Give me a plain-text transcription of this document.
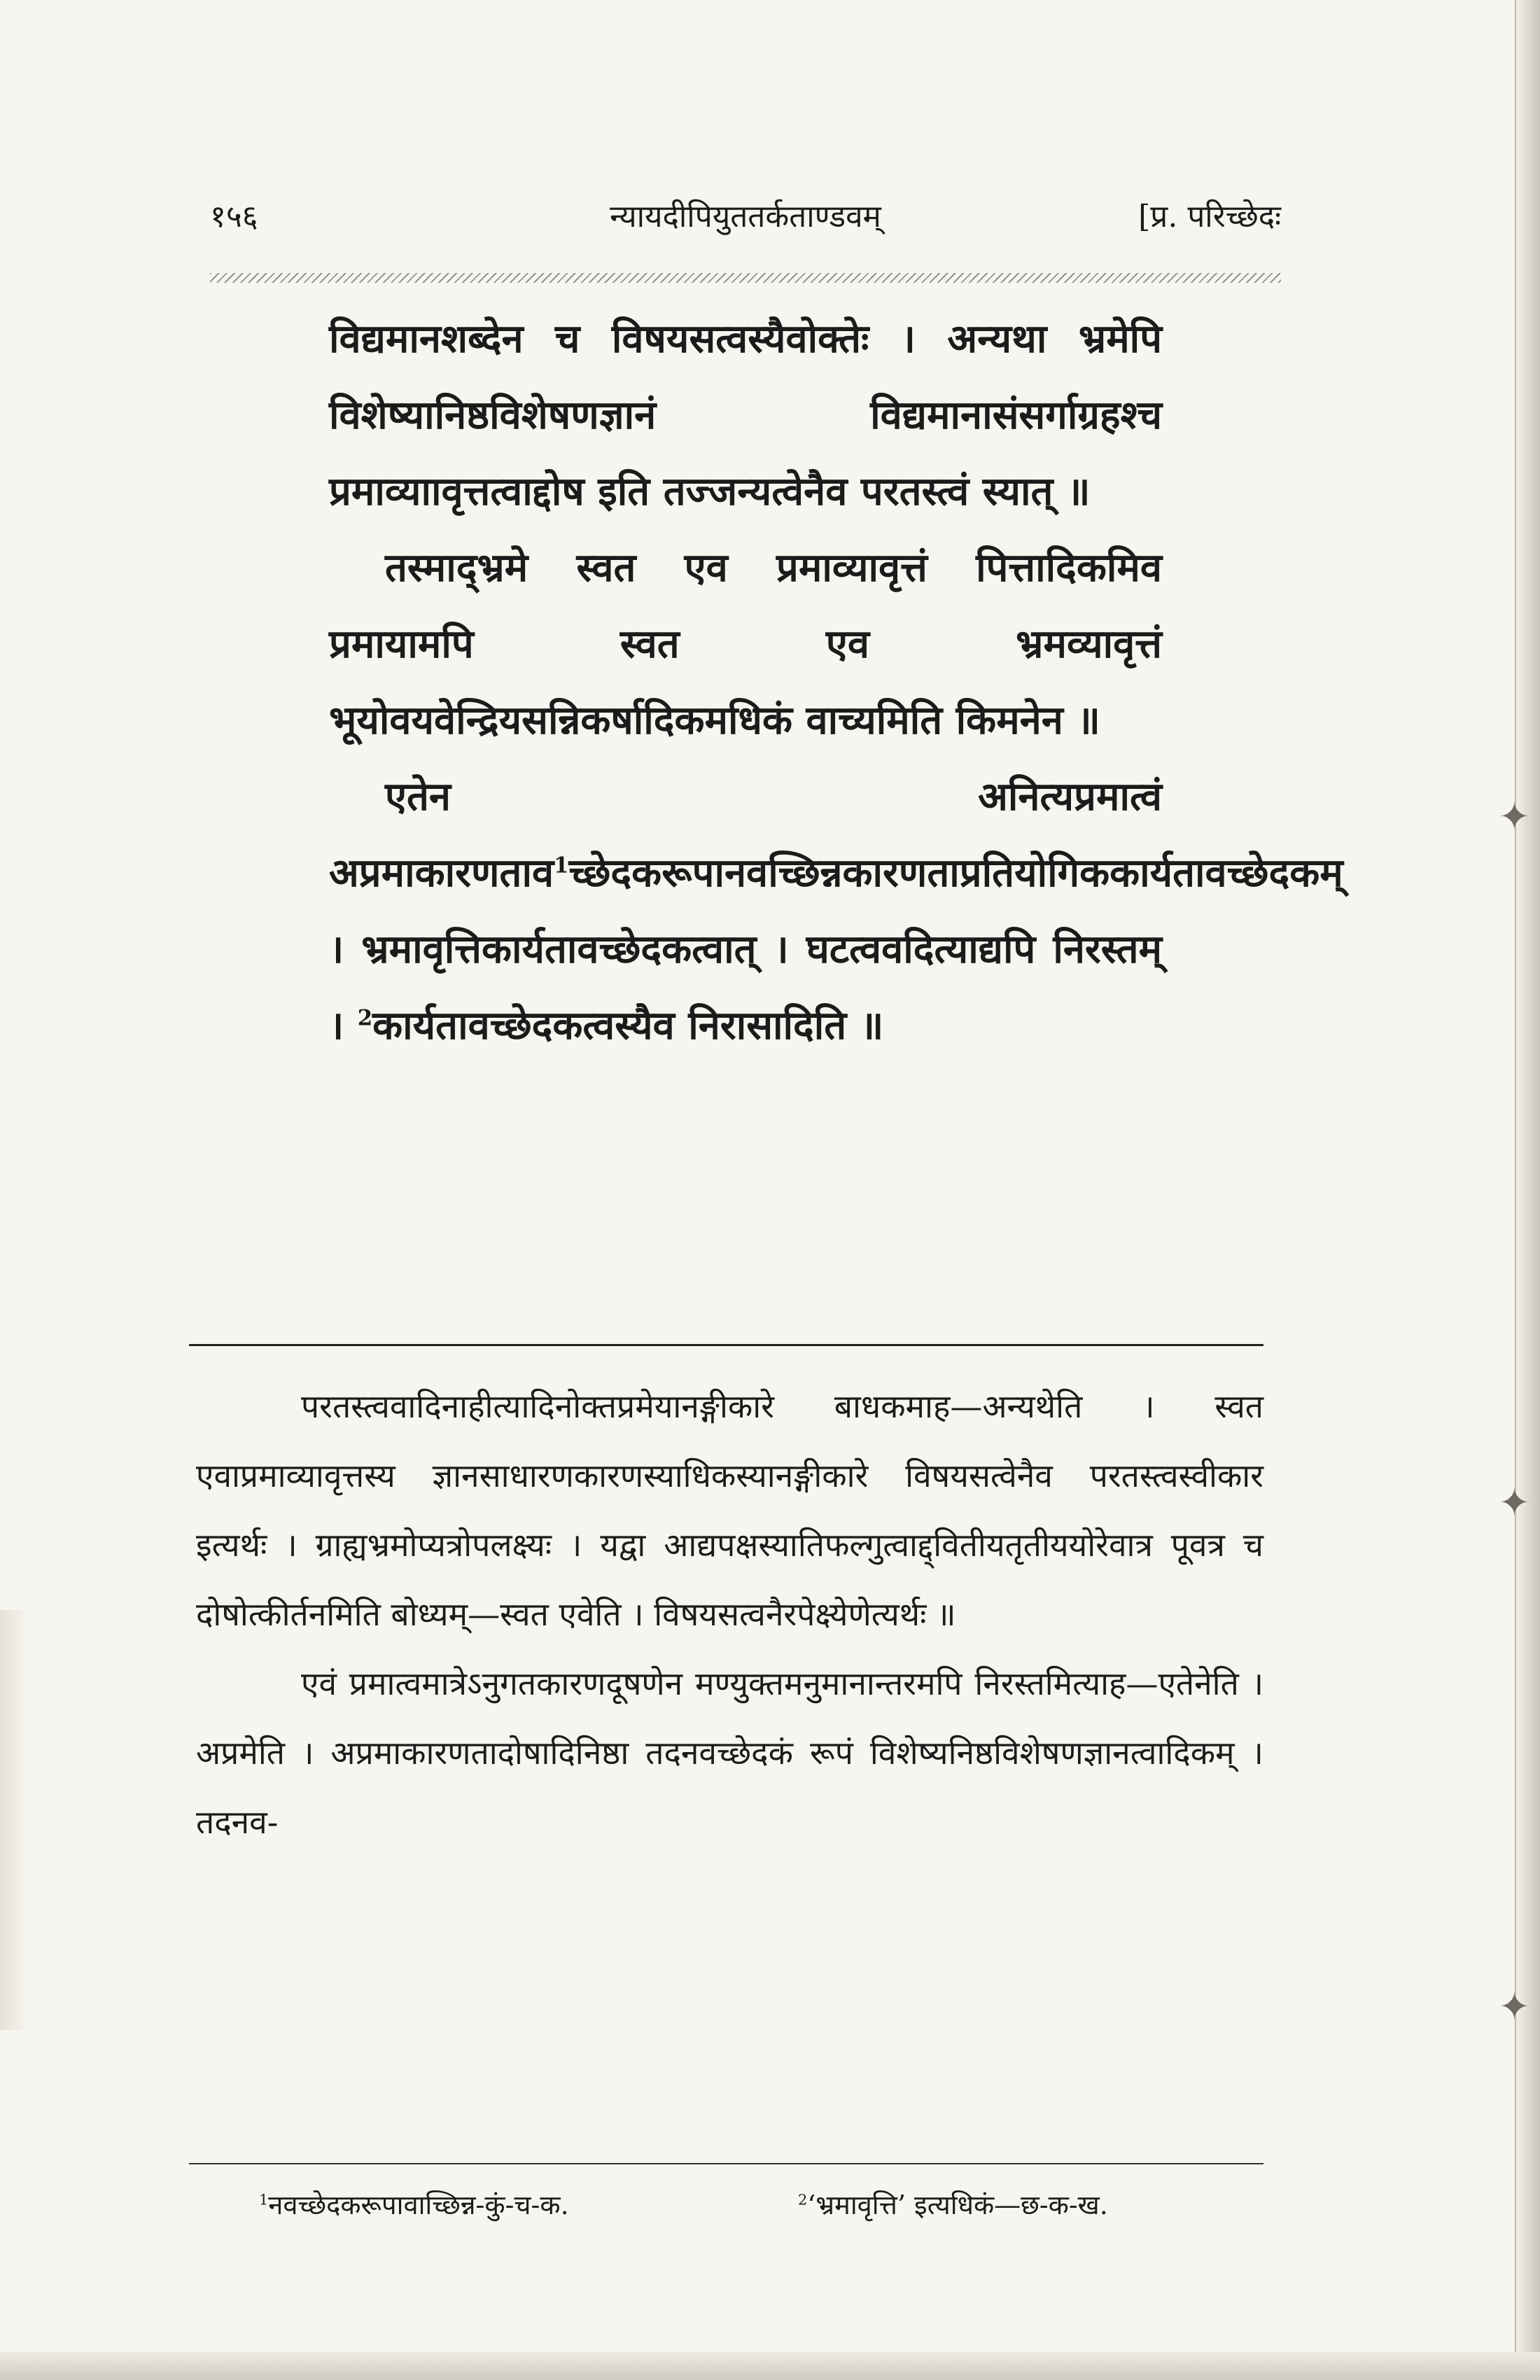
✦
✦
✦
१५६	न्यायदीपियुततर्कताण्डवम्	[प्र. परिच्छेदः

विद्यमानशब्देन च विषयसत्वस्यैवोक्तेः । अन्यथा भ्रमेपि विशेष्यानिष्ठविशेषणज्ञानं विद्यमानासंसर्गाग्रहश्च प्रमाव्याावृत्तत्वाद्दोष इति तज्जन्यत्वेनैव परतस्त्वं स्यात् ॥

तस्माद्भ्रमे स्वत एव प्रमाव्यावृत्तं पित्तादिकमिव प्रमायामपि स्वत एव भ्रमव्यावृत्तं भूयोवयवेन्द्रियसन्निकर्षादिकमधिकं वाच्यमिति किमनेन ॥

एतेन अनित्यप्रमात्वं अप्रमाकारणताव$^1$च्छेदकरूपानवच्छिन्नकारणताप्रतियोगिककार्यतावच्छेदकम् । भ्रमावृत्तिकार्यतावच्छेदकत्वात् । घटत्ववदित्याद्यपि निरस्तम् । $^2$कार्यतावच्छेदकत्वस्यैव निरासादिति ॥

परतस्त्ववादिनाहीत्यादिनोक्तप्रमेयानङ्गीकारे बाधकमाह—अन्यथेति । स्वत एवाप्रमाव्यावृत्तस्य ज्ञानसाधारणकारणस्याधिकस्यानङ्गीकारे विषयसत्वेनैव परतस्त्वस्वीकार इत्यर्थः । ग्राह्यभ्रमोप्यत्रोपलक्ष्यः । यद्वा आद्यपक्षस्यातिफल्गुत्वाद्द्वितीयतृतीययोरेवात्र पूवत्र च दोषोत्कीर्तनमिति बोध्यम्—स्वत एवेति । विषयसत्वनैरपेक्ष्येणेत्यर्थः ॥

एवं प्रमात्वमात्रेऽनुगतकारणदूषणेन मण्युक्तमनुमानान्तरमपि निरस्तमित्याह—एतेनेति । अप्रमेति । अप्रमाकारणतादोषादिनिष्ठा तदनवच्छेदकं रूपं विशेष्यनिष्ठविशेषणज्ञानत्वादिकम् । तदनव-

$^1$ नवच्छेदकरूपावाच्छिन्न-कुं-च-क.	$^2$ ‘भ्रमावृत्ति’ इत्यधिकं—छ-क-ख.
